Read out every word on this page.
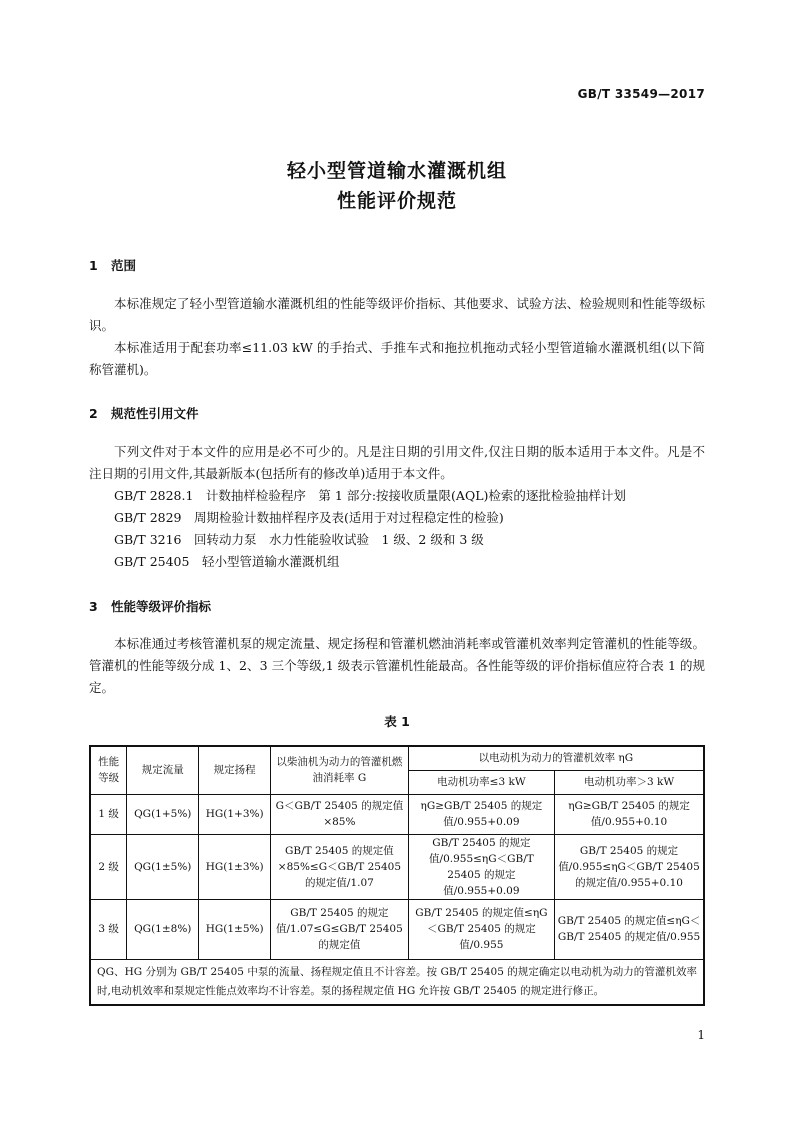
GB/T 33549—2017
轻小型管道输水灌溉机组
性能评价规范
1 范围

本标准规定了轻小型管道输水灌溉机组的性能等级评价指标、其他要求、试验方法、检验规则和性能等级标识。

本标准适用于配套功率≤11.03 kW 的手抬式、手推车式和拖拉机拖动式轻小型管道输水灌溉机组(以下简称管灌机)。

2 规范性引用文件

下列文件对于本文件的应用是必不可少的。凡是注日期的引用文件,仅注日期的版本适用于本文件。凡是不注日期的引用文件,其最新版本(包括所有的修改单)适用于本文件。

GB/T 2828.1　计数抽样检验程序　第 1 部分:按接收质量限(AQL)检索的逐批检验抽样计划
GB/T 2829　周期检验计数抽样程序及表(适用于对过程稳定性的检验)
GB/T 3216　回转动力泵　水力性能验收试验　1 级、2 级和 3 级
GB/T 25405　轻小型管道输水灌溉机组
3 性能等级评价指标

本标准通过考核管灌机泵的规定流量、规定扬程和管灌机燃油消耗率或管灌机效率判定管灌机的性能等级。管灌机的性能等级分成 1、2、3 三个等级,1 级表示管灌机性能最高。各性能等级的评价指标值应符合表 1 的规定。

表 1
性能等级	规定流量	规定扬程	以柴油机为动力的管灌机燃油消耗率 G	以电动机为动力的管灌机效率 ηG	
				电动机功率≤3 kW	电动机功率＞3 kW
1 级	QG(1+5%)	HG(1+3%)	G＜GB/T 25405 的规定值×85%	ηG≥GB/T 25405 的规定值/0.955+0.09	ηG≥GB/T 25405 的规定值/0.955+0.10
2 级	QG(1±5%)	HG(1±3%)	GB/T 25405 的规定值×85%≤G＜GB/T 25405 的规定值/1.07	GB/T 25405 的规定值/0.955≤ηG＜GB/T 25405 的规定值/0.955+0.09	GB/T 25405 的规定值/0.955≤ηG＜GB/T 25405 的规定值/0.955+0.10
3 级	QG(1±8%)	HG(1±5%)	GB/T 25405 的规定值/1.07≤G≤GB/T 25405 的规定值	GB/T 25405 的规定值≤ηG＜GB/T 25405 的规定值/0.955	GB/T 25405 的规定值≤ηG＜GB/T 25405 的规定值/0.955
QG、HG 分别为 GB/T 25405 中泵的流量、扬程规定值且不计容差。按 GB/T 25405 的规定确定以电动机为动力的管灌机效率时,电动机效率和泵规定性能点效率均不计容差。泵的扬程规定值 HG 允许按 GB/T 25405 的规定进行修正。					
1
